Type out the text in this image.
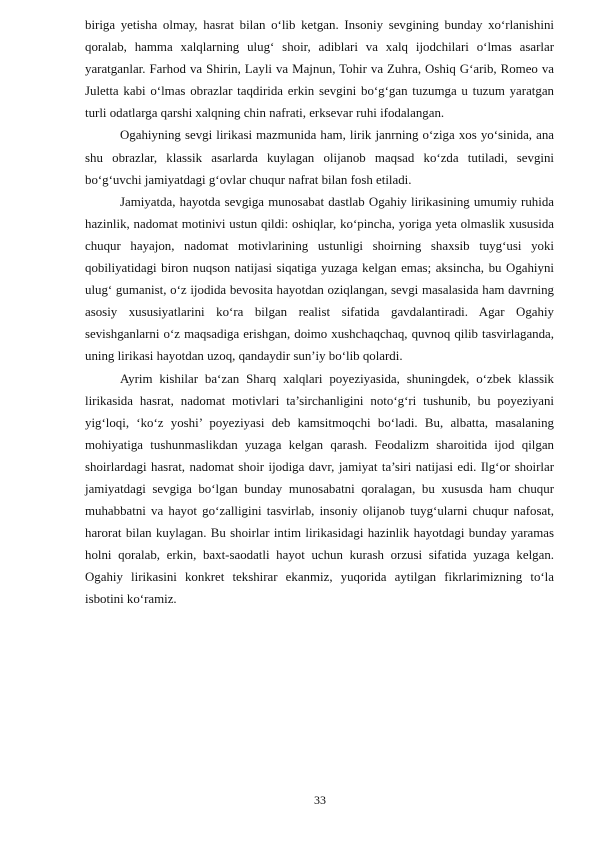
biriga yetisha olmay, hasrat bilan o‘lib ketgan. Insoniy sevgining bunday xo‘rlanishini qoralab, hamma xalqlarning ulug‘ shoir, adiblari va xalq ijodchilari o‘lmas asarlar yaratganlar. Farhod va Shirin, Layli va Majnun, Tohir va Zuhra, Oshiq G‘arib, Romeo va Juletta kabi o‘lmas obrazlar taqdirida erkin sevgini bo‘g‘gan tuzumga u tuzum yaratgan turli odatlarga qarshi xalqning chin nafrati, erksevar ruhi ifodalangan.

Ogahiyning sevgi lirikasi mazmunida ham, lirik janrning o‘ziga xos yo‘sinida, ana shu obrazlar, klassik asarlarda kuylagan olijanob maqsad ko‘zda tutiladi, sevgini bo‘g‘uvchi jamiyatdagi g‘ovlar chuqur nafrat bilan fosh etiladi.

Jamiyatda, hayotda sevgiga munosabat dastlab Ogahiy lirikasining umumiy ruhida hazinlik, nadomat motinivi ustun qildi: oshiqlar, ko‘pincha, yoriga yeta olmaslik xususida chuqur hayajon, nadomat motivlarining ustunligi shoirning shaxsib tuyg‘usi yoki qobiliyatidagi biron nuqson natijasi siqatiga yuzaga kelgan emas; aksincha, bu Ogahiyni ulug‘ gumanist, o‘z ijodida bevosita hayotdan oziqlangan, sevgi masalasida ham davrning asosiy xususiyatlarini ko‘ra bilgan realist sifatida gavdalantiradi. Agar Ogahiy sevishganlarni o‘z maqsadiga erishgan, doimo xushchaqchaq, quvnoq qilib tasvirlaganda, uning lirikasi hayotdan uzoq, qandaydir sun’iy bo‘lib qolardi.

Ayrim kishilar ba‘zan Sharq xalqlari poyeziyasida, shuningdek, o‘zbek klassik lirikasida hasrat, nadomat motivlari ta’sirchanligini noto‘g‘ri tushunib, bu poyeziyani yig‘loqi, ‘ko‘z yoshi’ poyeziyasi deb kamsitmoqchi bo‘ladi. Bu, albatta, masalaning mohiyatiga tushunmaslikdan yuzaga kelgan qarash. Feodalizm sharoitida ijod qilgan shoirlardagi hasrat, nadomat shoir ijodiga davr, jamiyat ta’siri natijasi edi. Ilg‘or shoirlar jamiyatdagi sevgiga bo‘lgan bunday munosabatni qoralagan, bu xususda ham chuqur muhabbatni va hayot go‘zalligini tasvirlab, insoniy olijanob tuyg‘ularni chuqur nafosat, harorat bilan kuylagan. Bu shoirlar intim lirikasidagi hazinlik hayotdagi bunday yaramas holni qoralab, erkin, baxt-saodatli hayot uchun kurash orzusi sifatida yuzaga kelgan. Ogahiy lirikasini konkret tekshirar ekanmiz, yuqorida aytilgan fikrlarimizning to‘la isbotini ko‘ramiz.

33
